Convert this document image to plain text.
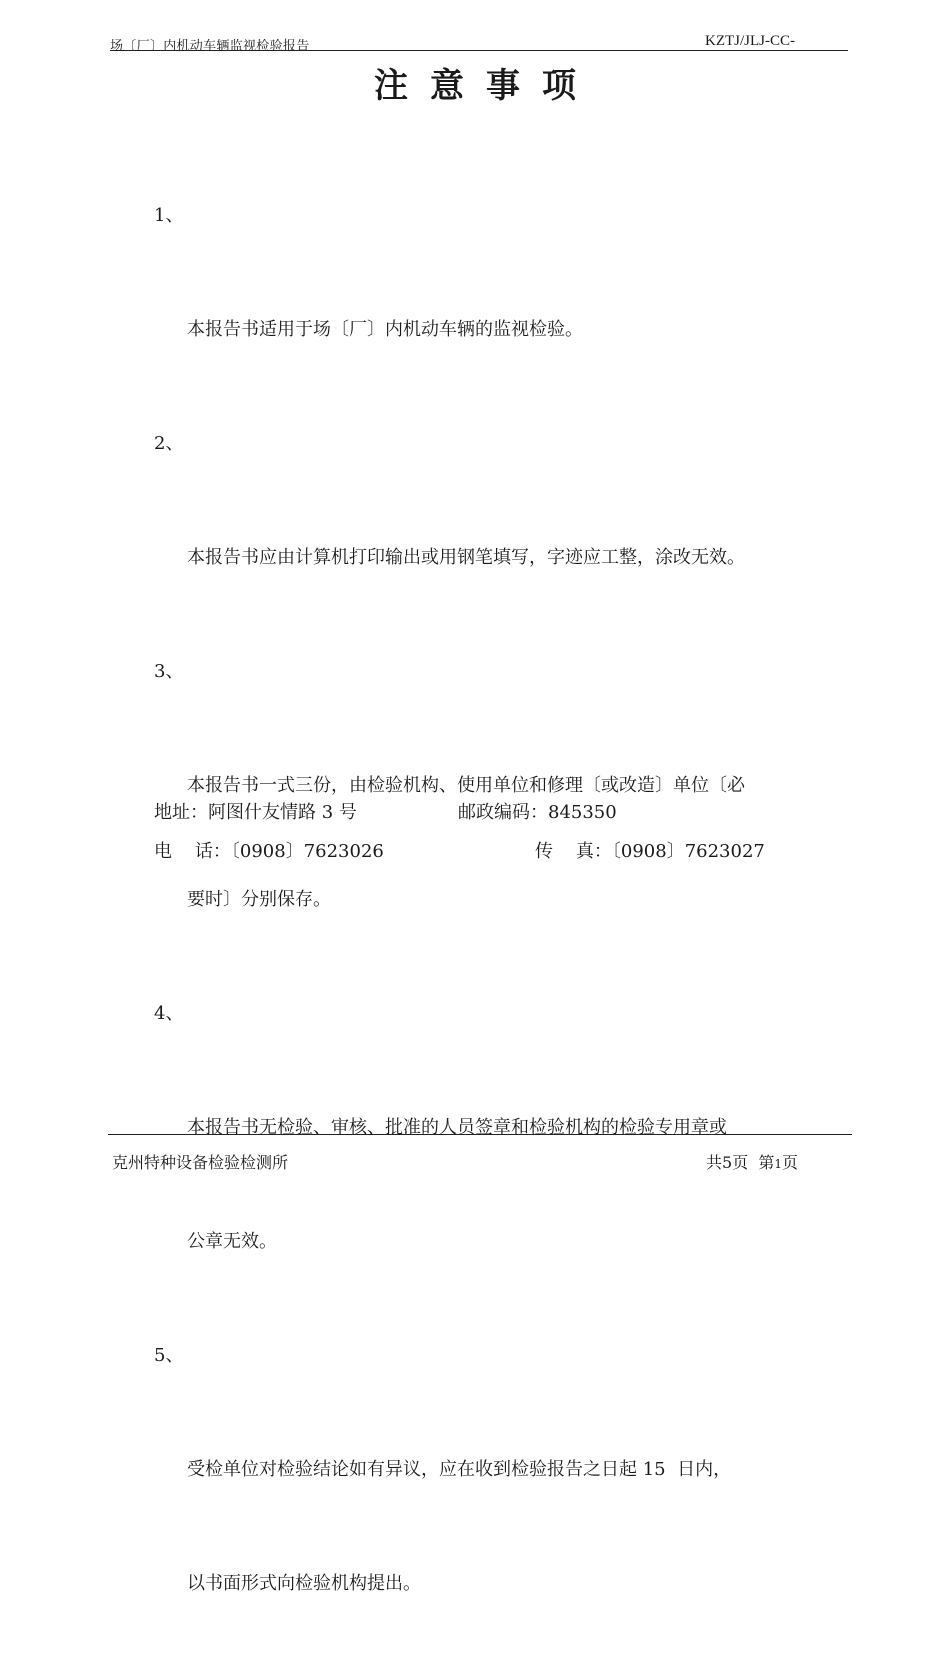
场〔厂〕内机动车辆监视检验报告	KZTJ/JLJ-CC-
注意事项

1、

本报告书适用于场〔厂〕内机动车辆的监视检验。

2、

本报告书应由计算机打印输出或用钢笔填写，字迹应工整，涂改无效。

3、

本报告书一式三份，由检验机构、使用单位和修理〔或改造〕单位〔必

要时〕分别保存。

4、

本报告书无检验、审核、批准的人员签章和检验机构的检验专用章或

公章无效。

5、

受检单位对检验结论如有异议，应在收到检验报告之日起 15  日内，

以书面形式向检验机构提出。

地址：阿图什友情路 3 号	邮政编码：845350
电    话：〔0908〕7623026	传    真：〔0908〕7623027
克州特种设备检验检测所	共5页  第1页
